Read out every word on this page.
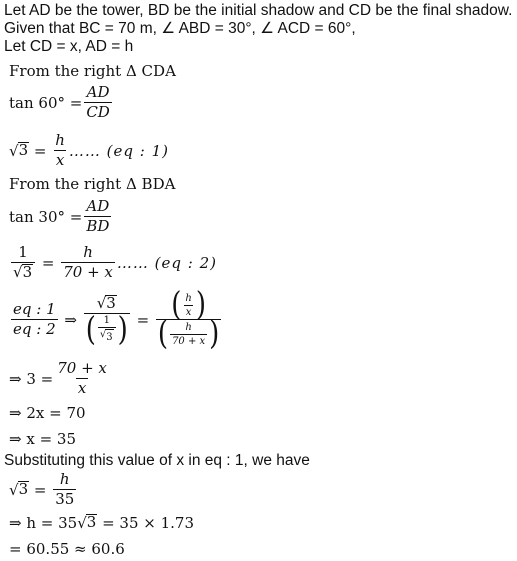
Let AD be the tower, BD be the initial shadow and CD be the final shadow.
Given that BC = 70 m, ∠ ABD = 30°, ∠ ACD = 60°,
Let CD = x, AD = h
From the right Δ CDA
$\tan 60^\circ = \frac{AD}{CD}$
√ $3 = \frac{h}{x}$ …… (eq : 1)
From the right Δ BDA
$\tan 30^\circ = \frac{AD}{BD}$
$\frac{1}{√ 3} = \frac{h}{70 + x}$ …… (eq : 2)
$\frac{eq : 1}{eq : 2}$ ⇒ $\frac{√ 3}{( \frac{1}{√ 3} )} = \frac{( \frac{h}{x} )}{( \frac{h}{70 + x} )}$
⇒ $3 = \frac{70 + x}{x}$
⇒ 2x = 70
⇒ x = 35
Substituting this value of x in eq : 1, we have
√ $3 = \frac{h}{35}$
⇒ h = 35 √ 3
= 35 × 1.73
= 60.55 ≈ 60.6
